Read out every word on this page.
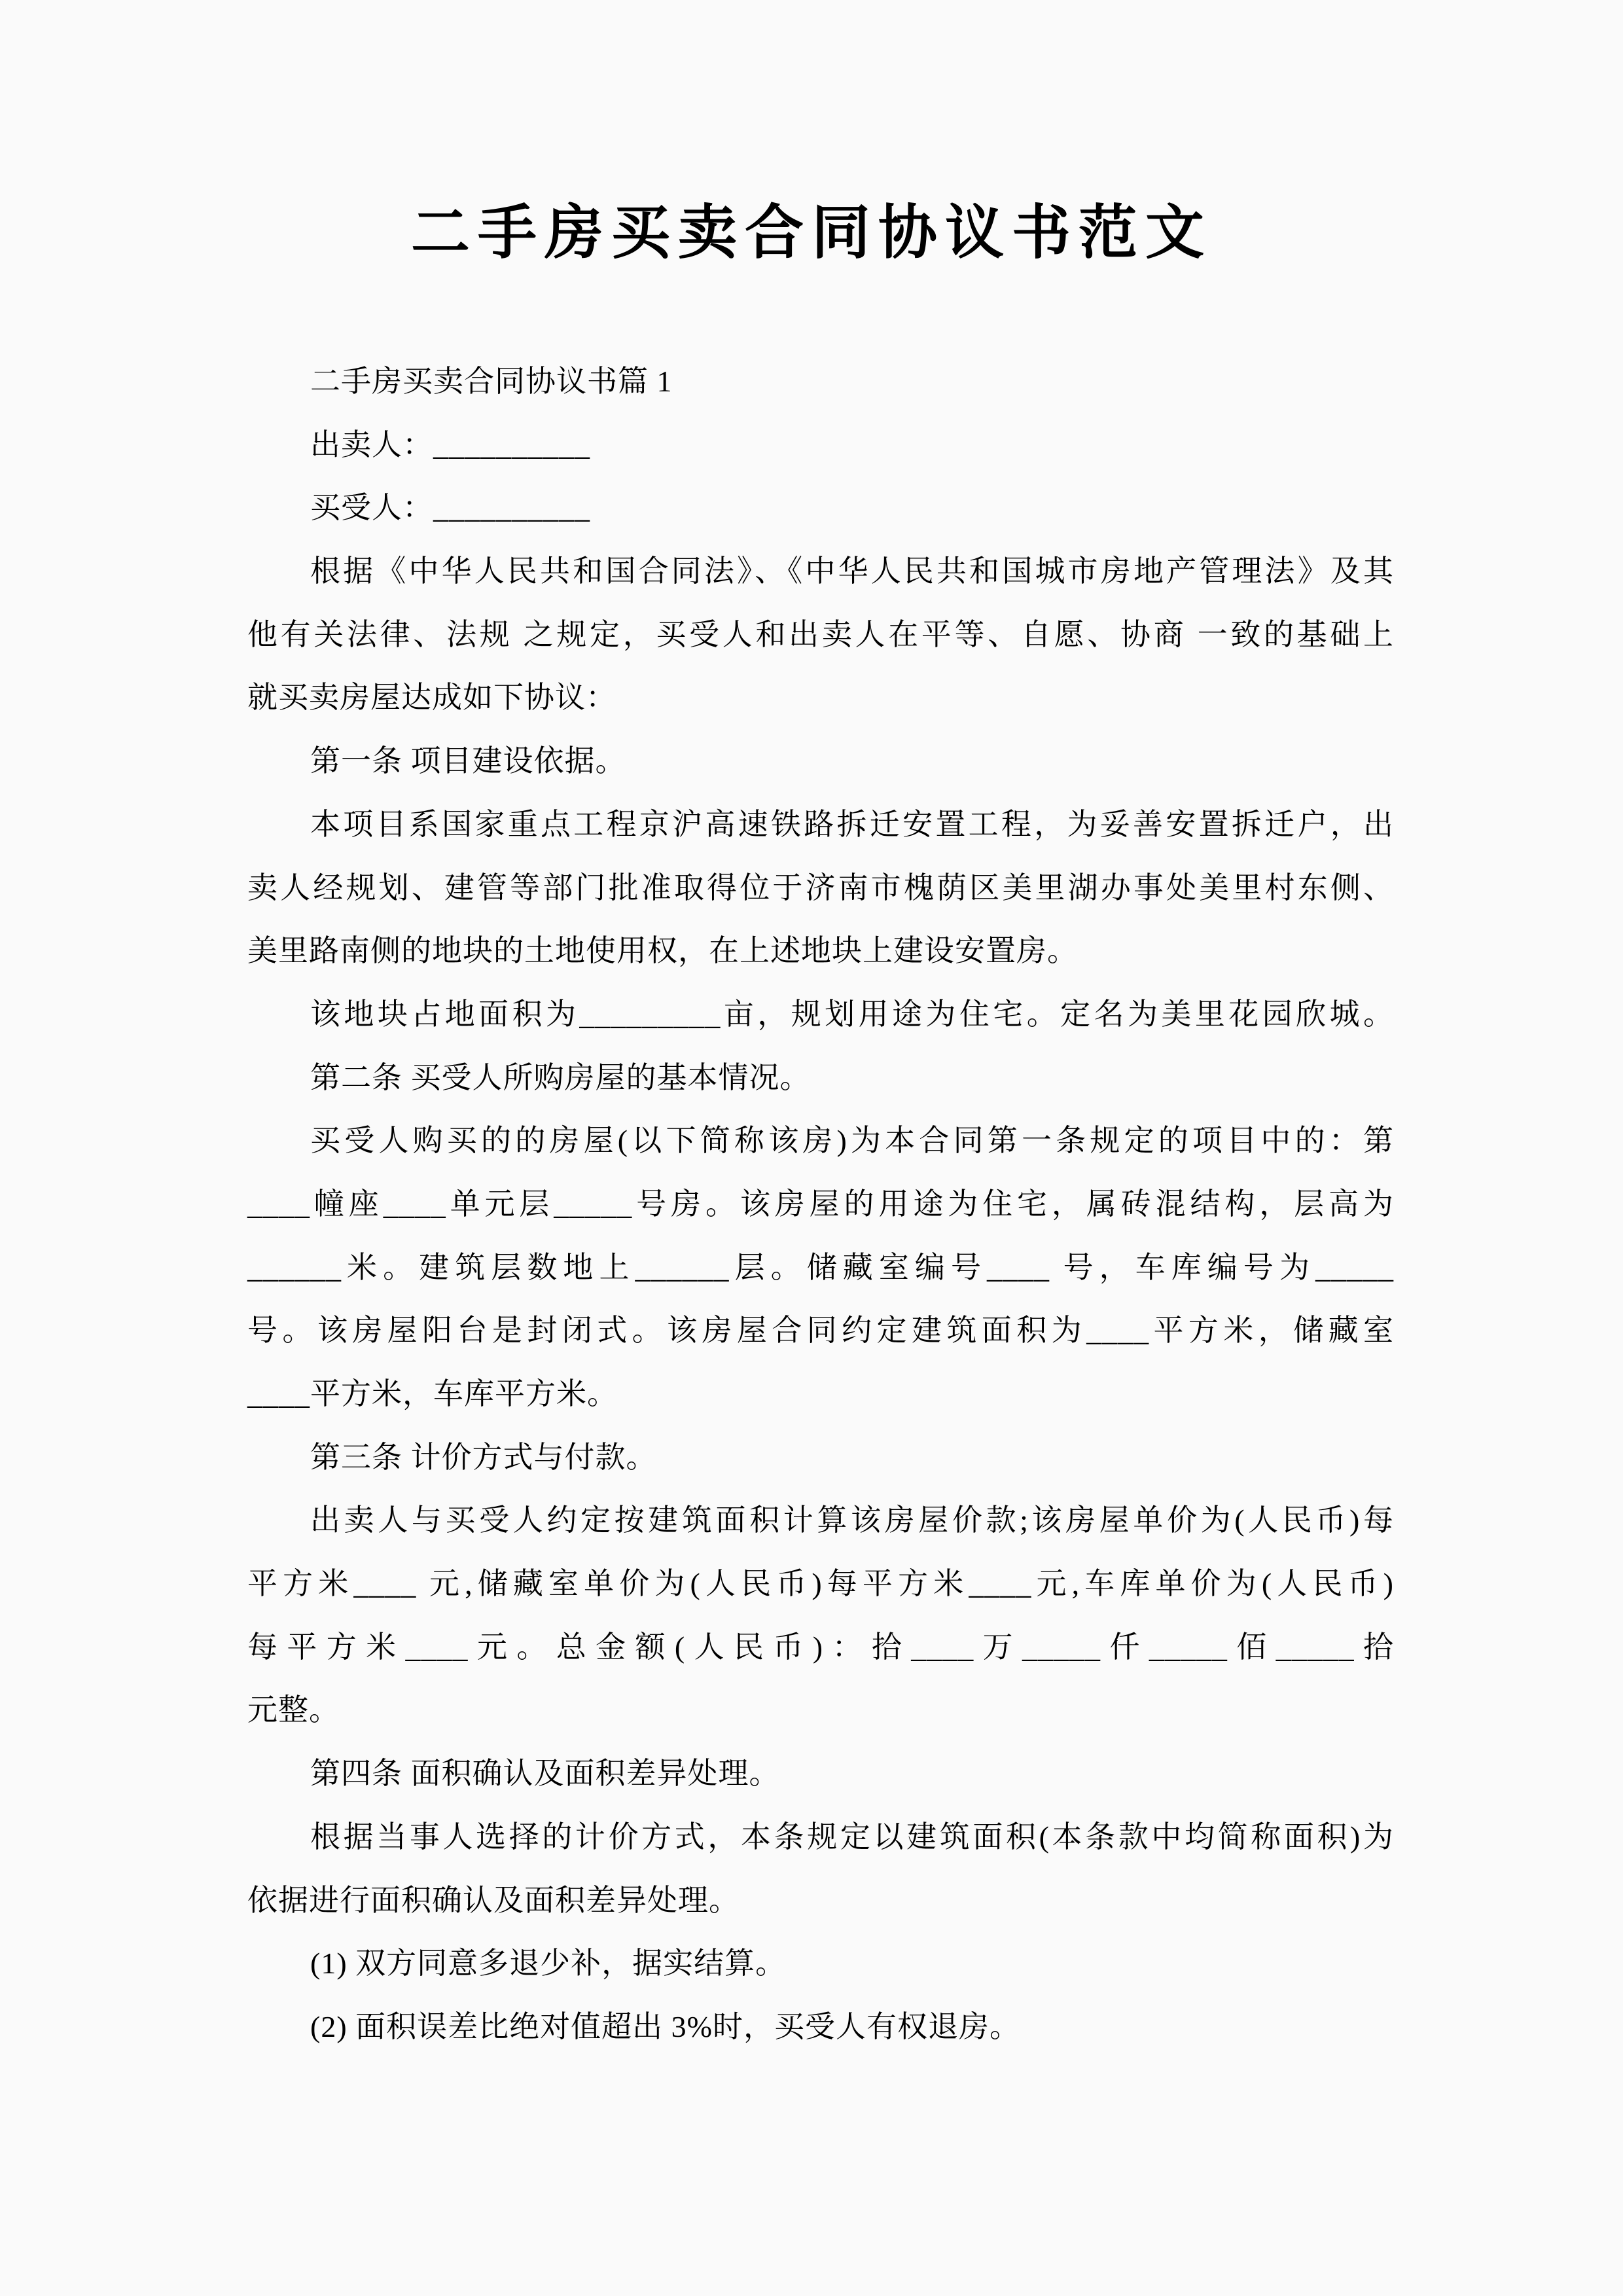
二手房买卖合同协议书范文
二手房买卖合同协议书篇 1
出卖人：__________
买受人：__________
根据《中华人民共和国合同法》、《中华人民共和国城市房地产管理法》及其
他有关法律、法规 之规定，买受人和出卖人在平等、自愿、协商 一致的基础上
就买卖房屋达成如下协议：
第一条 项目建设依据。
本项目系国家重点工程京沪高速铁路拆迁安置工程，为妥善安置拆迁户，出
卖人经规划、建管等部门批准取得位于济南市槐荫区美里湖办事处美里村东侧、
美里路南侧的地块的土地使用权，在上述地块上建设安置房。
该地块占地面积为_________亩，规划用途为住宅。定名为美里花园欣城。
第二条 买受人所购房屋的基本情况。
买受人购买的的房屋(以下简称该房)为本合同第一条规定的项目中的：第
____幢座____单元层_____号房。该房屋的用途为住宅，属砖混结构，层高为
______米。建筑层数地上______层。储藏室编号____ 号，车库编号为_____
号。该房屋阳台是封闭式。该房屋合同约定建筑面积为____平方米，储藏室
____平方米，车库平方米。
第三条 计价方式与付款。
出卖人与买受人约定按建筑面积计算该房屋价款;该房屋单价为(人民币)每
平方米____ 元,储藏室单价为(人民币)每平方米____元,车库单价为(人民币)
每平方米____元。总金额(人民币)：拾____万_____仟_____佰_____拾
元整。
第四条 面积确认及面积差异处理。
根据当事人选择的计价方式，本条规定以建筑面积(本条款中均简称面积)为
依据进行面积确认及面积差异处理。
(1) 双方同意多退少补，据实结算。
(2) 面积误差比绝对值超出 3%时，买受人有权退房。
